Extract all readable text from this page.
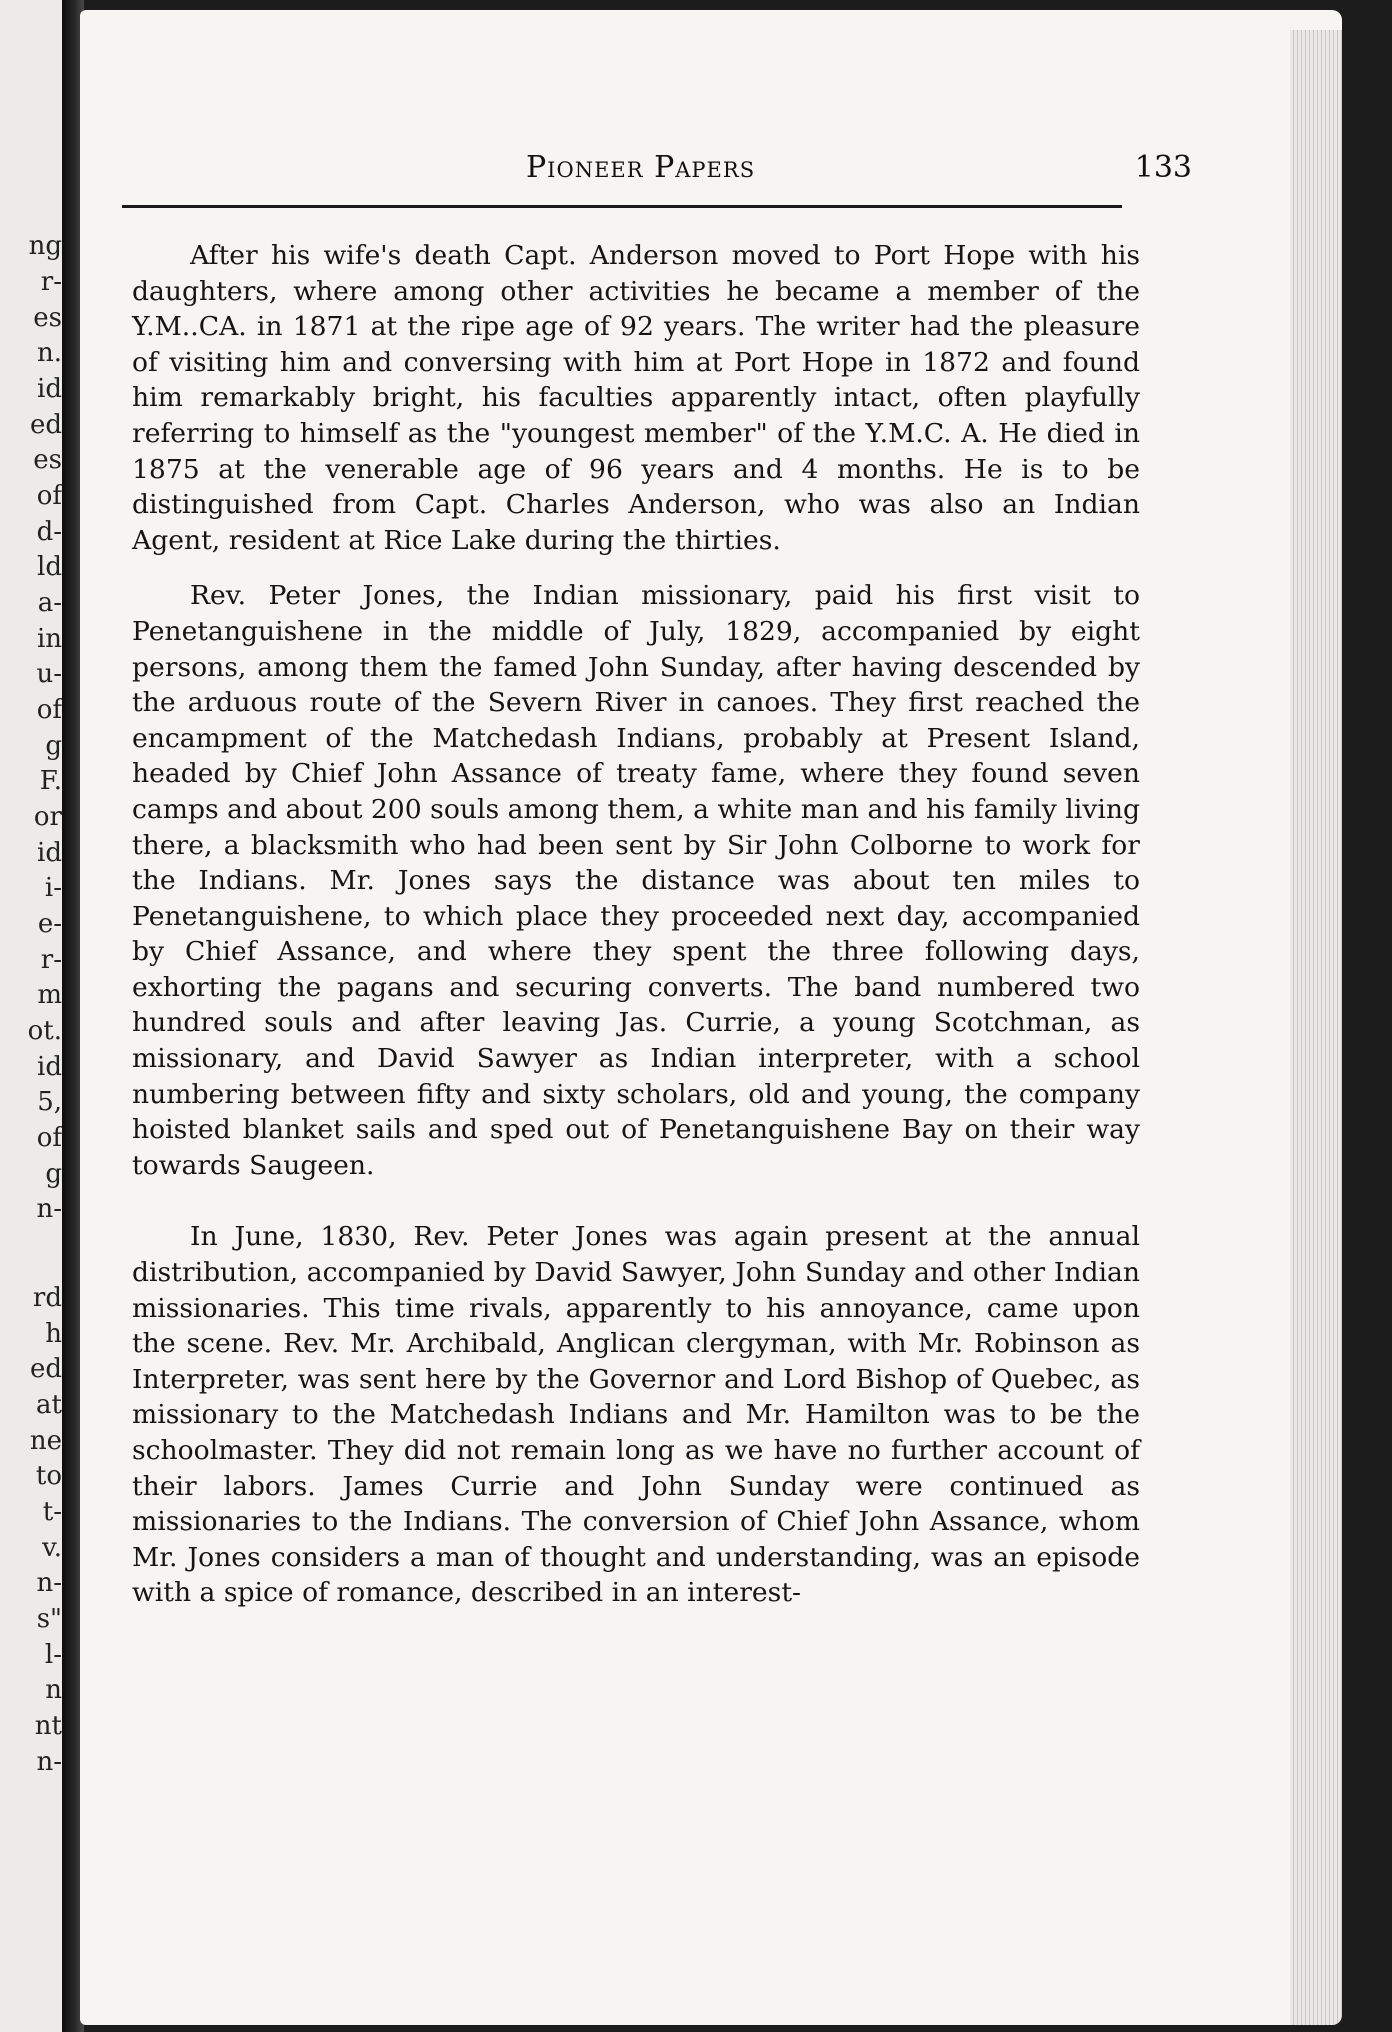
ng
r-
es
n.
id
ed
es
of
d-
ld
a-
in
u-
of
g
F.
or
id
i-
e-
r-
m
ot.
id
5,
of
g
n-
rd
h
ed
at
ne
to
t-
v.
n-
s"
l-
n
nt
n-
Pioneer Papers	133

After his wife's death Capt. Anderson moved to Port Hope with his daughters, where among other activities he became a member of the Y.M..CA. in 1871 at the ripe age of 92 years. The writer had the pleasure of visiting him and conversing with him at Port Hope in 1872 and found him remarkably bright, his faculties apparently intact, often playfully referring to himself as the "youngest member" of the Y.M.C. A. He died in 1875 at the venerable age of 96 years and 4 months. He is to be distinguished from Capt. Charles Anderson, who was also an Indian Agent, resident at Rice Lake during the thirties.

Rev. Peter Jones, the Indian missionary, paid his first visit to Penetanguishene in the middle of July, 1829, accompanied by eight persons, among them the famed John Sunday, after having descended by the arduous route of the Severn River in canoes. They first reached the encampment of the Matchedash Indians, probably at Present Island, headed by Chief John Assance of treaty fame, where they found seven camps and about 200 souls among them, a white man and his family living there, a blacksmith who had been sent by Sir John Colborne to work for the Indians. Mr. Jones says the distance was about ten miles to Penetanguishene, to which place they proceeded next day, accompanied by Chief Assance, and where they spent the three following days, exhorting the pagans and securing converts. The band numbered two hundred souls and after leaving Jas. Currie, a young Scotchman, as missionary, and David Sawyer as Indian interpreter, with a school numbering between fifty and sixty scholars, old and young, the company hoisted blanket sails and sped out of Penetanguishene Bay on their way towards Saugeen.

In June, 1830, Rev. Peter Jones was again present at the annual distribution, accompanied by David Sawyer, John Sunday and other Indian missionaries. This time rivals, apparently to his annoyance, came upon the scene. Rev. Mr. Archibald, Anglican clergyman, with Mr. Robinson as Interpreter, was sent here by the Governor and Lord Bishop of Quebec, as missionary to the Matchedash Indians and Mr. Hamilton was to be the schoolmaster. They did not remain long as we have no further account of their labors. James Currie and John Sunday were continued as missionaries to the Indians. The conversion of Chief John Assance, whom Mr. Jones considers a man of thought and understanding, was an episode with a spice of romance, described in an interest-
